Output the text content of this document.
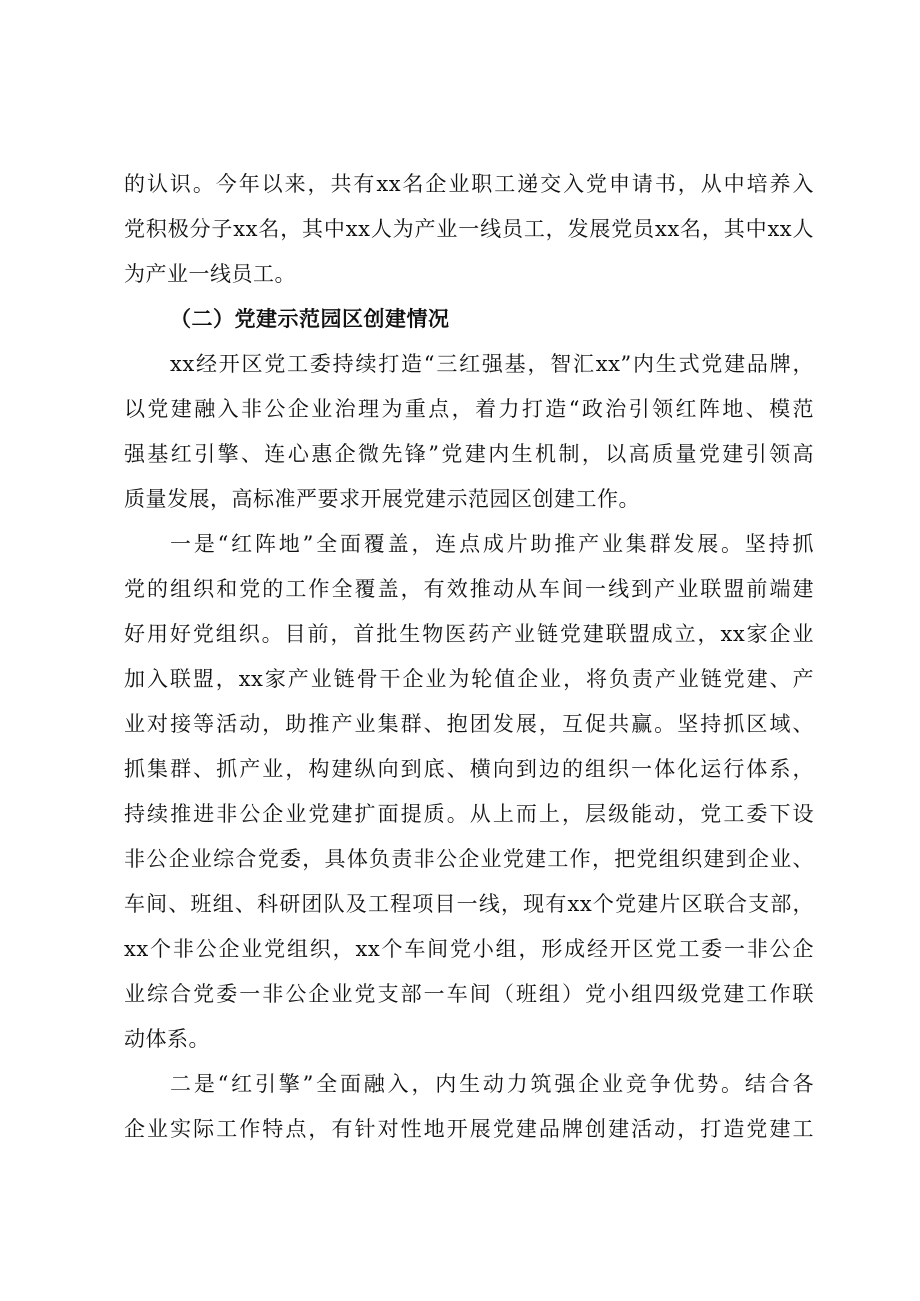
的认识。今年以来，共有xx名企业职工递交入党申请书，从中培养入
党积极分子xx名，其中xx人为产业一线员工，发展党员xx名，其中xx人
为产业一线员工。
（二）党建示范园区创建情况
xx经开区党工委持续打造“三红强基，智汇xx”内生式党建品牌，
以党建融入非公企业治理为重点，着力打造“政治引领红阵地、模范
强基红引擎、连心惠企微先锋”党建内生机制，以高质量党建引领高
质量发展，高标准严要求开展党建示范园区创建工作。
一是“红阵地”全面覆盖，连点成片助推产业集群发展。坚持抓
党的组织和党的工作全覆盖，有效推动从车间一线到产业联盟前端建
好用好党组织。目前，首批生物医药产业链党建联盟成立，xx家企业
加入联盟，xx家产业链骨干企业为轮值企业，将负责产业链党建、产
业对接等活动，助推产业集群、抱团发展，互促共赢。坚持抓区域、
抓集群、抓产业，构建纵向到底、横向到边的组织一体化运行体系，
持续推进非公企业党建扩面提质。从上而上，层级能动，党工委下设
非公企业综合党委，具体负责非公企业党建工作，把党组织建到企业、
车间、班组、科研团队及工程项目一线，现有xx个党建片区联合支部，
xx个非公企业党组织，xx个车间党小组，形成经开区党工委一非公企
业综合党委一非公企业党支部一车间（班组）党小组四级党建工作联
动体系。
二是“红引擎”全面融入，内生动力筑强企业竞争优势。结合各
企业实际工作特点，有针对性地开展党建品牌创建活动，打造党建工
